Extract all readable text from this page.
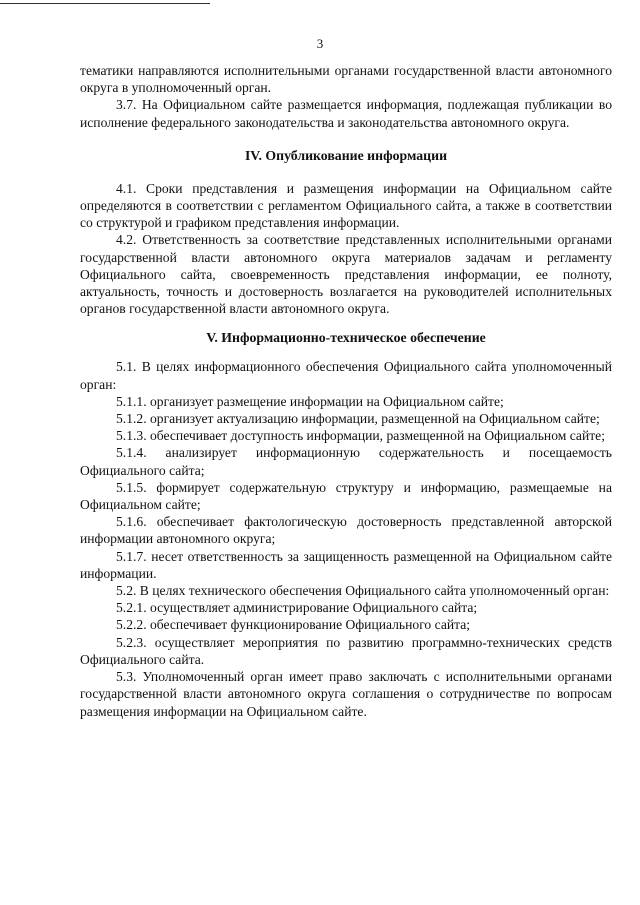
3

тематики направляются исполнительными органами государственной власти автономного округа в уполномоченный орган.

3.7. На Официальном сайте размещается информация, подлежащая публикации во исполнение федерального законодательства и законодательства автономного округа.

IV. Опубликование информации

4.1. Сроки представления и размещения информации на Официальном сайте определяются в соответствии с регламентом Официального сайта, а также в соответствии со структурой и графиком представления информации.

4.2. Ответственность за соответствие представленных исполнительными органами государственной власти автономного округа материалов задачам и регламенту Официального сайта, своевременность представления информации, ее полноту, актуальность, точность и достоверность возлагается на руководителей исполнительных органов государственной власти автономного округа.

V. Информационно-техническое обеспечение

5.1. В целях информационного обеспечения Официального сайта уполномоченный орган:

5.1.1. организует размещение информации на Официальном сайте;

5.1.2. организует актуализацию информации, размещенной на Официальном сайте;

5.1.3. обеспечивает доступность информации, размещенной на Официальном сайте;

5.1.4. анализирует информационную содержательность и посещаемость Официального сайта;

5.1.5. формирует содержательную структуру и информацию, размещаемые на Официальном сайте;

5.1.6. обеспечивает фактологическую достоверность представленной авторской информации автономного округа;

5.1.7. несет ответственность за защищенность размещенной на Официальном сайте информации.

5.2. В целях технического обеспечения Официального сайта уполномоченный орган:

5.2.1. осуществляет администрирование Официального сайта;

5.2.2. обеспечивает функционирование Официального сайта;

5.2.3. осуществляет мероприятия по развитию программно-технических средств Официального сайта.

5.3. Уполномоченный орган имеет право заключать с исполнительными органами государственной власти автономного округа соглашения о сотрудничестве по вопросам размещения информации на Официальном сайте.
